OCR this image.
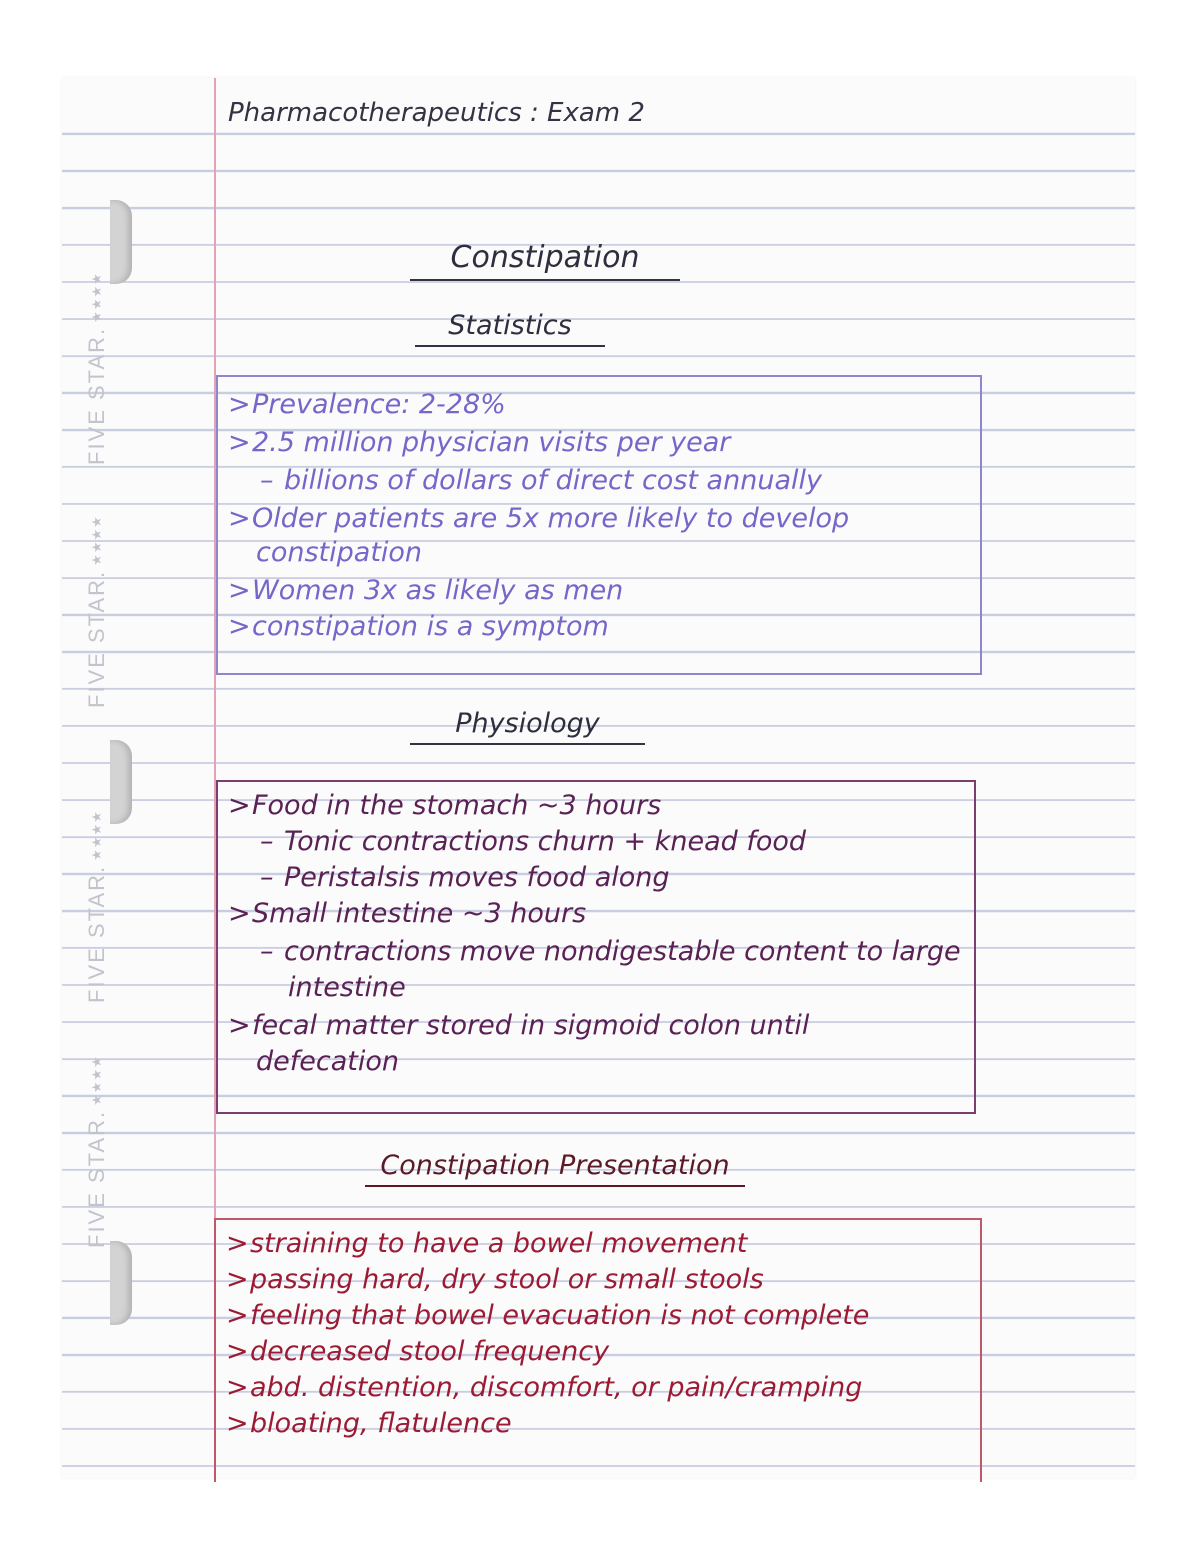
FIVE STAR.
★★★★
FIVE STAR.
★★★★
FIVE STAR.
★★★★
FIVE STAR.
★★★★
Pharmacotherapeutics : Exam 2
Constipation
Statistics

>Prevalence: 2-28%

>2.5 million physician visits per year

– billions of dollars of direct cost annually

>Older patients are 5x more likely to develop

constipation

>Women 3x as likely as men

>constipation is a symptom

Physiology

>Food in the stomach ~3 hours

– Tonic contractions churn + knead food

– Peristalsis moves food along

>Small intestine ~3 hours

– contractions move nondigestable content to large

intestine

>fecal matter stored in sigmoid colon until

defecation

Constipation Presentation

>straining to have a bowel movement

>passing hard, dry stool or small stools

>feeling that bowel evacuation is not complete

>decreased stool frequency

>abd. distention, discomfort, or pain/cramping

>bloating, flatulence
